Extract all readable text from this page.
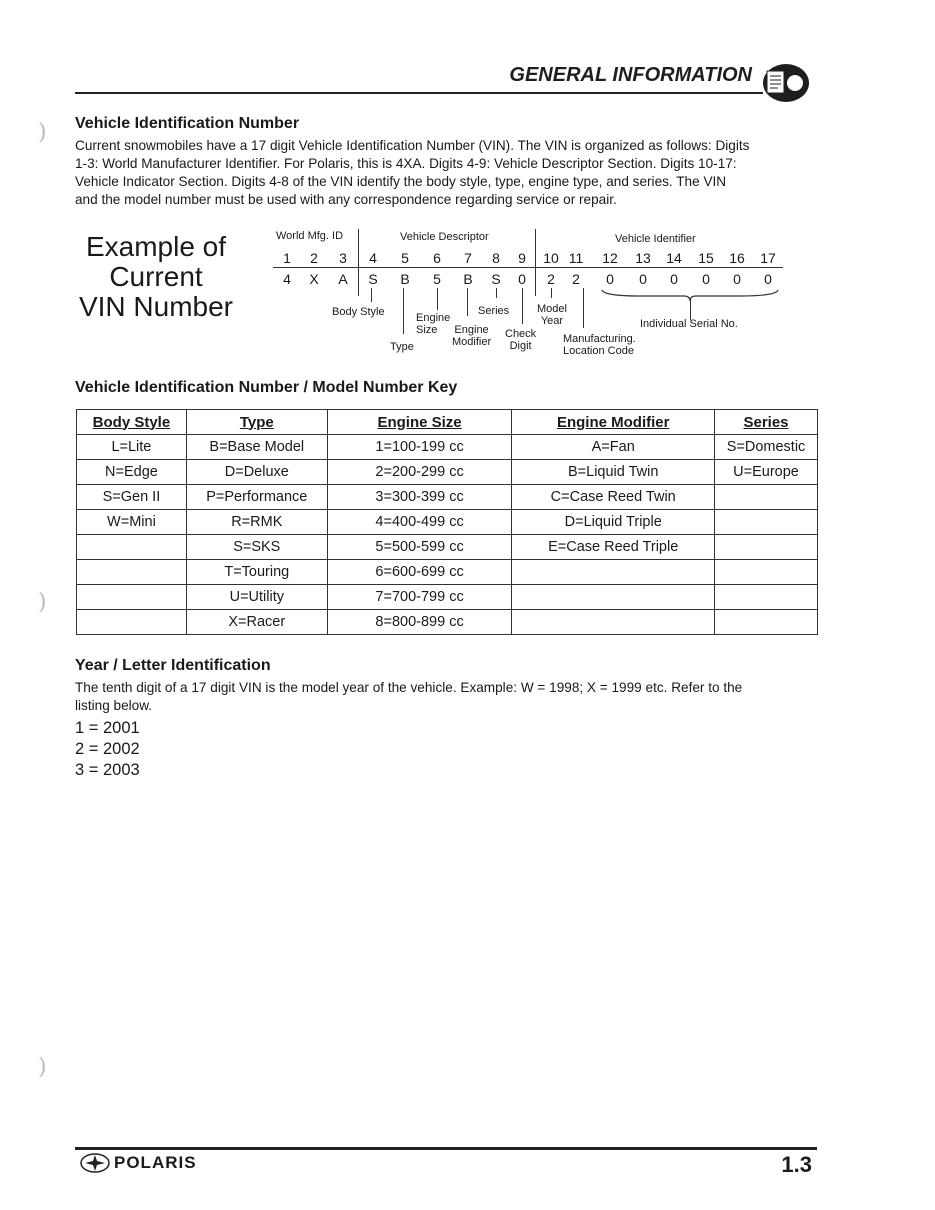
)
)
)
GENERAL INFORMATION
Vehicle Identification Number
Current snowmobiles have a 17 digit Vehicle Identification Number (VIN). The VIN is organized as follows: Digits
1-3: World Manufacturer Identifier. For Polaris, this is 4XA. Digits 4-9: Vehicle Descriptor Section. Digits 10-17:
Vehicle Indicator Section. Digits 4-8 of the VIN identify the body style, type, engine type, and series. The VIN
and the model number must be used with any correspondence regarding service or repair.
Example of
Current
VIN Number
World Mfg. ID	Vehicle Descriptor	Vehicle Identifier
1	2	3	4	5	6	7	8	9	10 11 12 13 14 15 16 17
4	X	A	S	B	5	B	S	0	2	2	0	0	0	0	0	0
Body Style	Engine
Size
Type
Series
Engine
Modifier
Check
Digit
Model
Year
Manufacturing.
Location Code
Individual Serial No.
Vehicle Identification Number / Model Number Key
Body Style	Type	Engine Size	Engine Modifier	Series
L=Lite	B=Base Model	1=100-199 cc	A=Fan	S=Domestic
N=Edge	D=Deluxe	2=200-299 cc	B=Liquid Twin	U=Europe
S=Gen II	P=Performance	3=300-399 cc	C=Case Reed Twin	
W=Mini	R=RMK	4=400-499 cc	D=Liquid Triple	
	S=SKS	5=500-599 cc	E=Case Reed Triple	
	T=Touring	6=600-699 cc		
	U=Utility	7=700-799 cc		
	X=Racer	8=800-899 cc		
Year / Letter Identification
The tenth digit of a 17 digit VIN is the model year of the vehicle. Example: W = 1998; X = 1999 etc. Refer to the
listing below.
1 = 2001
2 = 2002
3 = 2003
POLARIS	1.3
